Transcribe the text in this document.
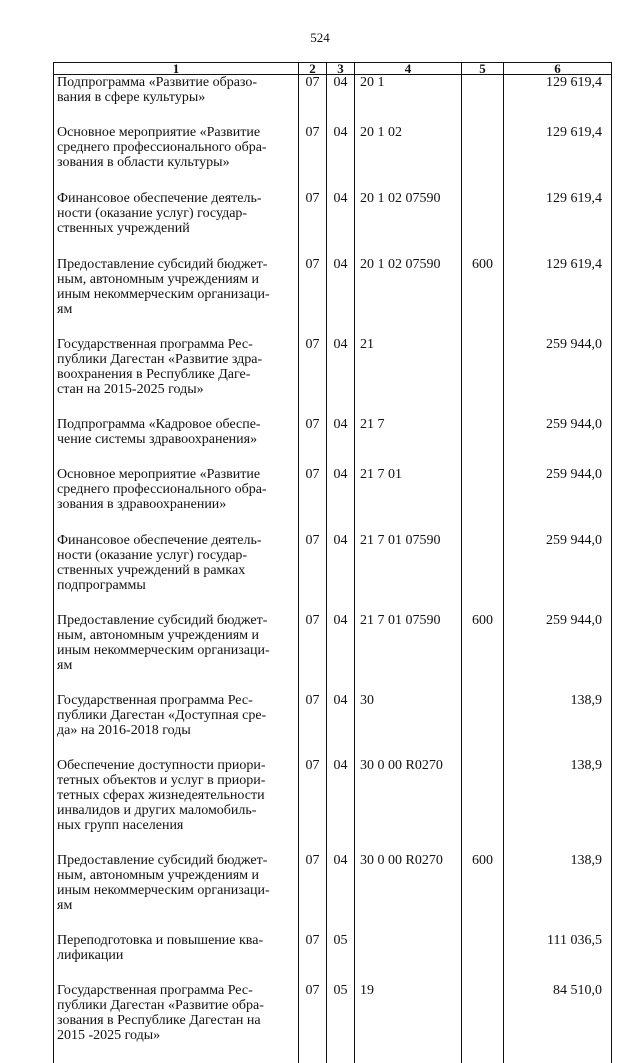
524
1	2	3	4	5	6

Подпрограмма «Развитие образо-
вания в сфере культуры»	07	04	20 1		129 619,4

Основное мероприятие «Развитие
среднего профессионального обра-
зования в области культуры»	07	04	20 1 02		129 619,4

Финансовое обеспечение деятель-
ности (оказание услуг) государ-
ственных учреждений	07	04	20 1 02 07590		129 619,4

Предоставление субсидий бюджет-
ным, автономным учреждениям и
иным некоммерческим организаци-
ям	07	04	20 1 02 07590	600	129 619,4

Государственная программа Рес-
публики Дагестан «Развитие здра-
воохранения в Республике Даге-
стан на 2015-2025 годы»	07	04	21		259 944,0

Подпрограмма «Кадровое обеспе-
чение системы здравоохранения»	07	04	21 7		259 944,0

Основное мероприятие «Развитие
среднего профессионального обра-
зования в здравоохранении»	07	04	21 7 01		259 944,0

Финансовое обеспечение деятель-
ности (оказание услуг) государ-
ственных учреждений в рамках
подпрограммы	07	04	21 7 01 07590		259 944,0

Предоставление субсидий бюджет-
ным, автономным учреждениям и
иным некоммерческим организаци-
ям	07	04	21 7 01 07590	600	259 944,0

Государственная программа Рес-
публики Дагестан «Доступная сре-
да» на 2016-2018 годы	07	04	30		138,9

Обеспечение доступности приори-
тетных объектов и услуг в приори-
тетных сферах жизнедеятельности
инвалидов и других маломобиль-
ных групп населения	07	04	30 0 00 R0270		138,9

Предоставление субсидий бюджет-
ным, автономным учреждениям и
иным некоммерческим организаци-
ям	07	04	30 0 00 R0270	600	138,9

Переподготовка и повышение ква-
лификации	07	05			111 036,5

Государственная программа Рес-
публики Дагестан «Развитие обра-
зования в Республике Дагестан на
2015 -2025 годы»	07	05	19		84 510,0
